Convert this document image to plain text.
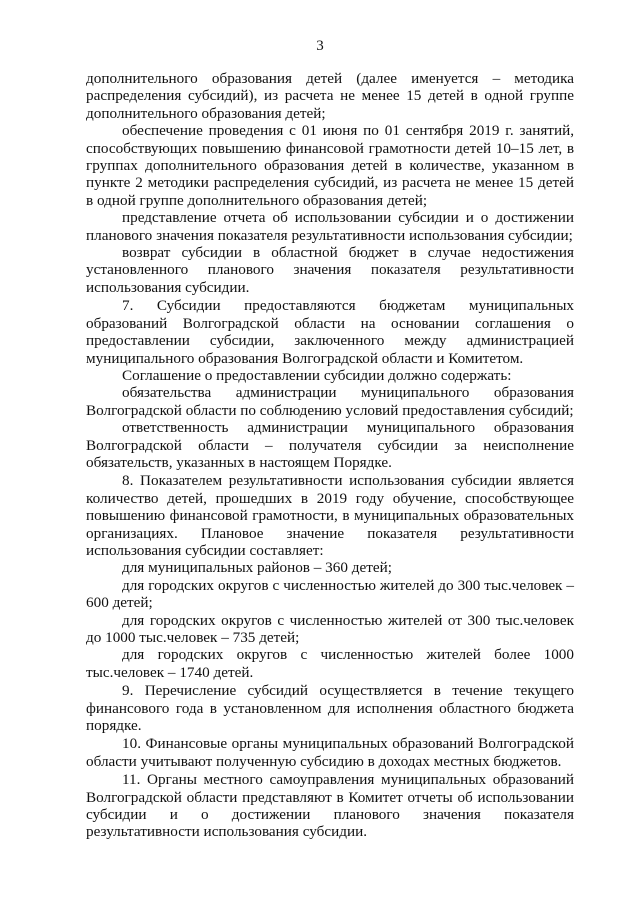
3

дополнительного образования детей (далее именуется – методика распределения субсидий), из расчета не менее 15 детей в одной группе дополнительного образования детей;

обеспечение проведения с 01 июня по 01 сентября 2019 г. занятий, способствующих повышению финансовой грамотности детей 10–15 лет, в группах дополнительного образования детей в количестве, указанном в пункте 2 методики распределения субсидий, из расчета не менее 15 детей в одной группе дополнительного образования детей;

представление отчета об использовании субсидии и о достижении планового значения показателя результативности использования субсидии;

возврат субсидии в областной бюджет в случае недостижения установленного планового значения показателя результативности использования субсидии.

7. Субсидии предоставляются бюджетам муниципальных образований Волгоградской области на основании соглашения о предоставлении субсидии, заключенного между администрацией муниципального образования Волгоградской области и Комитетом.

Соглашение о предоставлении субсидии должно содержать:

обязательства администрации муниципального образования Волгоградской области по соблюдению условий предоставления субсидий;

ответственность администрации муниципального образования Волгоградской области – получателя субсидии за неисполнение обязательств, указанных в настоящем Порядке.

8. Показателем результативности использования субсидии является количество детей, прошедших в 2019 году обучение, способствующее повышению финансовой грамотности, в муниципальных образовательных организациях. Плановое значение показателя результативности использования субсидии составляет:

для муниципальных районов – 360 детей;

для городских округов с численностью жителей до 300 тыс.человек – 600 детей;

для городских округов с численностью жителей от 300 тыс.человек до 1000 тыс.человек – 735 детей;

для городских округов с численностью жителей более 1000 тыс.человек – 1740 детей.

9. Перечисление субсидий осуществляется в течение текущего финансового года в установленном для исполнения областного бюджета порядке.

10. Финансовые органы муниципальных образований Волгоградской области учитывают полученную субсидию в доходах местных бюджетов.

11. Органы местного самоуправления муниципальных образований Волгоградской области представляют в Комитет отчеты об использовании субсидии и о достижении планового значения показателя результативности использования субсидии.
